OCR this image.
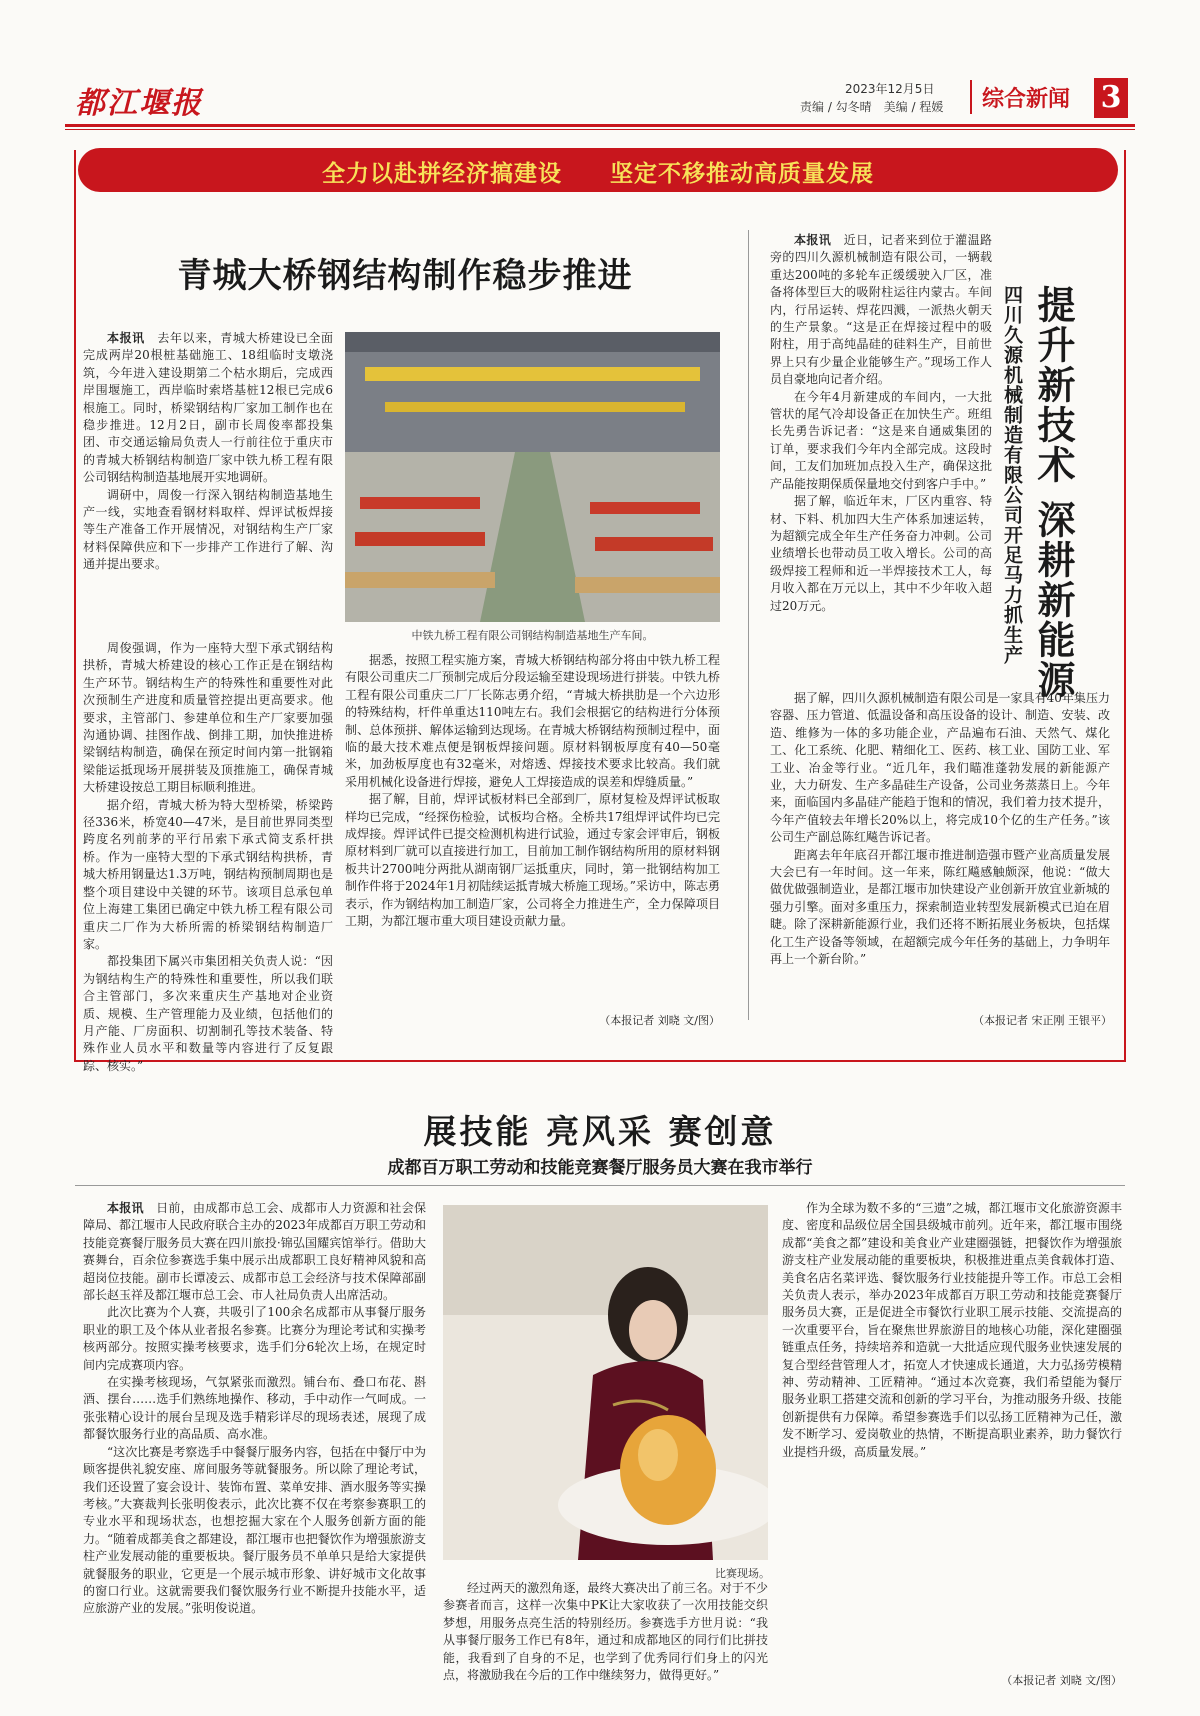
都江堰报	2023年12月5日
责编 / 勾冬晴　美编 / 程媛 综合新闻 3
全力以赴拼经济搞建设　　坚定不移推动高质量发展
青城大桥钢结构制作稳步推进

本报讯　 去年以来，青城大桥建设已全面完成两岸20根桩基础施工、18组临时支墩浇筑，今年进入建设期第二个枯水期后，完成西岸围堰施工，西岸临时索塔基桩12根已完成6根施工。同时，桥梁钢结构厂家加工制作也在稳步推进。12月2日，副市长周俊率都投集团、市交通运输局负责人一行前往位于重庆市的青城大桥钢结构制造厂家中铁九桥工程有限公司钢结构制造基地展开实地调研。

调研中，周俊一行深入钢结构制造基地生产一线，实地查看钢材料取样、焊评试板焊接等生产准备工作开展情况，对钢结构生产厂家材料保障供应和下一步排产工作进行了解、沟通并提出要求。

中铁九桥工程有限公司钢结构制造基地生产车间。

周俊强调，作为一座特大型下承式钢结构拱桥，青城大桥建设的核心工作正是在钢结构生产环节。钢结构生产的特殊性和重要性对此次预制生产进度和质量管控提出更高要求。他要求，主管部门、参建单位和生产厂家要加强沟通协调、挂图作战、倒排工期，加快推进桥梁钢结构制造，确保在预定时间内第一批钢箱梁能运抵现场开展拼装及顶推施工，确保青城大桥建设按总工期目标顺利推进。

据介绍，青城大桥为特大型桥梁，桥梁跨径336米，桥宽40—47米，是目前世界同类型跨度名列前茅的平行吊索下承式简支系杆拱桥。作为一座特大型的下承式钢结构拱桥，青城大桥用钢量达1.3万吨，钢结构预制周期也是整个项目建设中关键的环节。该项目总承包单位上海建工集团已确定中铁九桥工程有限公司重庆二厂作为大桥所需的桥梁钢结构制造厂家。

都投集团下属兴市集团相关负责人说：“因为钢结构生产的特殊性和重要性，所以我们联合主管部门，多次来重庆生产基地对企业资质、规模、生产管理能力及业绩，包括他们的月产能、厂房面积、切割制孔等技术装备、特殊作业人员水平和数量等内容进行了反复跟踪、核实。”

据悉，按照工程实施方案，青城大桥钢结构部分将由中铁九桥工程有限公司重庆二厂预制完成后分段运输至建设现场进行拼装。中铁九桥工程有限公司重庆二厂厂长陈志勇介绍，“青城大桥拱肋是一个六边形的特殊结构，杆件单重达110吨左右。我们会根据它的结构进行分体预制、总体预拼、解体运输到达现场。在青城大桥钢结构预制过程中，面临的最大技术难点便是钢板焊接问题。原材料钢板厚度有40—50毫米，加劲板厚度也有32毫米，对熔透、焊接技术要求比较高。我们就采用机械化设备进行焊接，避免人工焊接造成的误差和焊缝质量。”

据了解，目前，焊评试板材料已全部到厂，原材复检及焊评试板取样均已完成，“经探伤检验，试板均合格。全桥共17组焊评试件均已完成焊接。焊评试件已提交检测机构进行试验，通过专家会评审后，钢板原材料到厂就可以直接进行加工，目前加工制作钢结构所用的原材料钢板共计2700吨分两批从湖南钢厂运抵重庆，同时，第一批钢结构加工制作件将于2024年1月初陆续运抵青城大桥施工现场。”采访中，陈志勇表示，作为钢结构加工制造厂家，公司将全力推进生产，全力保障项目工期，为都江堰市重大项目建设贡献力量。

（本报记者 刘晓 文/图）

本报讯　 近日，记者来到位于灌温路旁的四川久源机械制造有限公司，一辆载重达200吨的多轮车正缓缓驶入厂区，准备将体型巨大的吸附柱运往内蒙古。车间内，行吊运转、焊花四溅，一派热火朝天的生产景象。“这是正在焊接过程中的吸附柱，用于高纯晶硅的硅料生产，目前世界上只有少量企业能够生产。”现场工作人员自豪地向记者介绍。

在今年4月新建成的车间内，一大批管状的尾气冷却设备正在加快生产。班组长先勇告诉记者：“这是来自通威集团的订单，要求我们今年内全部完成。这段时间，工友们加班加点投入生产，确保这批产品能按期保质保量地交付到客户手中。”

据了解，临近年末，厂区内重容、特材、下料、机加四大生产体系加速运转，为超额完成全年生产任务奋力冲刺。公司业绩增长也带动员工收入增长。公司的高级焊接工程师和近一半焊接技术工人，每月收入都在万元以上，其中不少年收入超过20万元。	提升新技术 深耕新能源
四川久源机械制造有限公司开足马力抓生产

据了解，四川久源机械制造有限公司是一家具有40年集压力容器、压力管道、低温设备和高压设备的设计、制造、安装、改造、维修为一体的多功能企业，产品遍布石油、天然气、煤化工、化工系统、化肥、精细化工、医药、核工业、国防工业、军工业、冶金等行业。“近几年，我们瞄准蓬勃发展的新能源产业，大力研发、生产多晶硅生产设备，公司业务蒸蒸日上。今年来，面临国内多晶硅产能趋于饱和的情况，我们着力技术提升，今年产值较去年增长20%以上，将完成10个亿的生产任务。”该公司生产副总陈红飚告诉记者。

距离去年年底召开都江堰市推进制造强市暨产业高质量发展大会已有一年时间。这一年来，陈红飚感触颇深，他说：“做大做优做强制造业，是都江堰市加快建设产业创新开放宜业新城的强力引擎。面对多重压力，探索制造业转型发展新模式已迫在眉睫。除了深耕新能源行业，我们还将不断拓展业务板块，包括煤化工生产设备等领域，在超额完成今年任务的基础上，力争明年再上一个新台阶。”

（本报记者 宋正刚 王银平）
展技能 亮风采 赛创意
成都百万职工劳动和技能竞赛餐厅服务员大赛在我市举行

本报讯　 日前，由成都市总工会、成都市人力资源和社会保障局、都江堰市人民政府联合主办的2023年成都百万职工劳动和技能竞赛餐厅服务员大赛在四川旅投·锦弘国耀宾馆举行。借助大赛舞台，百余位参赛选手集中展示出成都职工良好精神风貌和高超岗位技能。副市长谭凌云、成都市总工会经济与技术保障部副部长赵玉祥及都江堰市总工会、市人社局负责人出席活动。

此次比赛为个人赛，共吸引了100余名成都市从事餐厅服务职业的职工及个体从业者报名参赛。比赛分为理论考试和实操考核两部分。按照实操考核要求，选手们分6轮次上场，在规定时间内完成赛项内容。

在实操考核现场，气氛紧张而激烈。铺台布、叠口布花、斟酒、摆台……选手们熟练地操作、移动，手中动作一气呵成。一张张精心设计的展台呈现及选手精彩详尽的现场表述，展现了成都餐饮服务行业的高品质、高水准。

“这次比赛是考察选手中餐餐厅服务内容，包括在中餐厅中为顾客提供礼貌安座、席间服务等就餐服务。所以除了理论考试，我们还设置了宴会设计、装饰布置、菜单安排、酒水服务等实操考核。”大赛裁判长张明俊表示，此次比赛不仅在考察参赛职工的专业水平和现场状态，也想挖掘大家在个人服务创新方面的能力。“随着成都美食之都建设，都江堰市也把餐饮作为增强旅游支柱产业发展动能的重要板块。餐厅服务员不单单只是给大家提供就餐服务的职业，它更是一个展示城市形象、讲好城市文化故事的窗口行业。这就需要我们餐饮服务行业不断提升技能水平，适应旅游产业的发展。”张明俊说道。

比赛现场。

经过两天的激烈角逐，最终大赛决出了前三名。对于不少参赛者而言，这样一次集中PK让大家收获了一次用技能交织梦想，用服务点亮生活的特别经历。参赛选手方世月说：“我从事餐厅服务工作已有8年，通过和成都地区的同行们比拼技能，我看到了自身的不足，也学到了优秀同行们身上的闪光点，将激励我在今后的工作中继续努力，做得更好。”

作为全球为数不多的“三遗”之城，都江堰市文化旅游资源丰度、密度和品级位居全国县级城市前列。近年来，都江堰市围绕成都“美食之都”建设和美食业产业建圈强链，把餐饮作为增强旅游支柱产业发展动能的重要板块，积极推进重点美食载体打造、美食名店名菜评选、餐饮服务行业技能提升等工作。市总工会相关负责人表示，举办2023年成都百万职工劳动和技能竞赛餐厅服务员大赛，正是促进全市餐饮行业职工展示技能、交流提高的一次重要平台，旨在聚焦世界旅游目的地核心功能，深化建圈强链重点任务，持续培养和造就一大批适应现代服务业快速发展的复合型经营管理人才，拓宽人才快速成长通道，大力弘扬劳模精神、劳动精神、工匠精神。“通过本次竞赛，我们希望能为餐厅服务业职工搭建交流和创新的学习平台，为推动服务升级、技能创新提供有力保障。希望参赛选手们以弘扬工匠精神为己任，激发不断学习、爱岗敬业的热情，不断提高职业素养，助力餐饮行业提档升级，高质量发展。”

（本报记者 刘晓 文/图）
